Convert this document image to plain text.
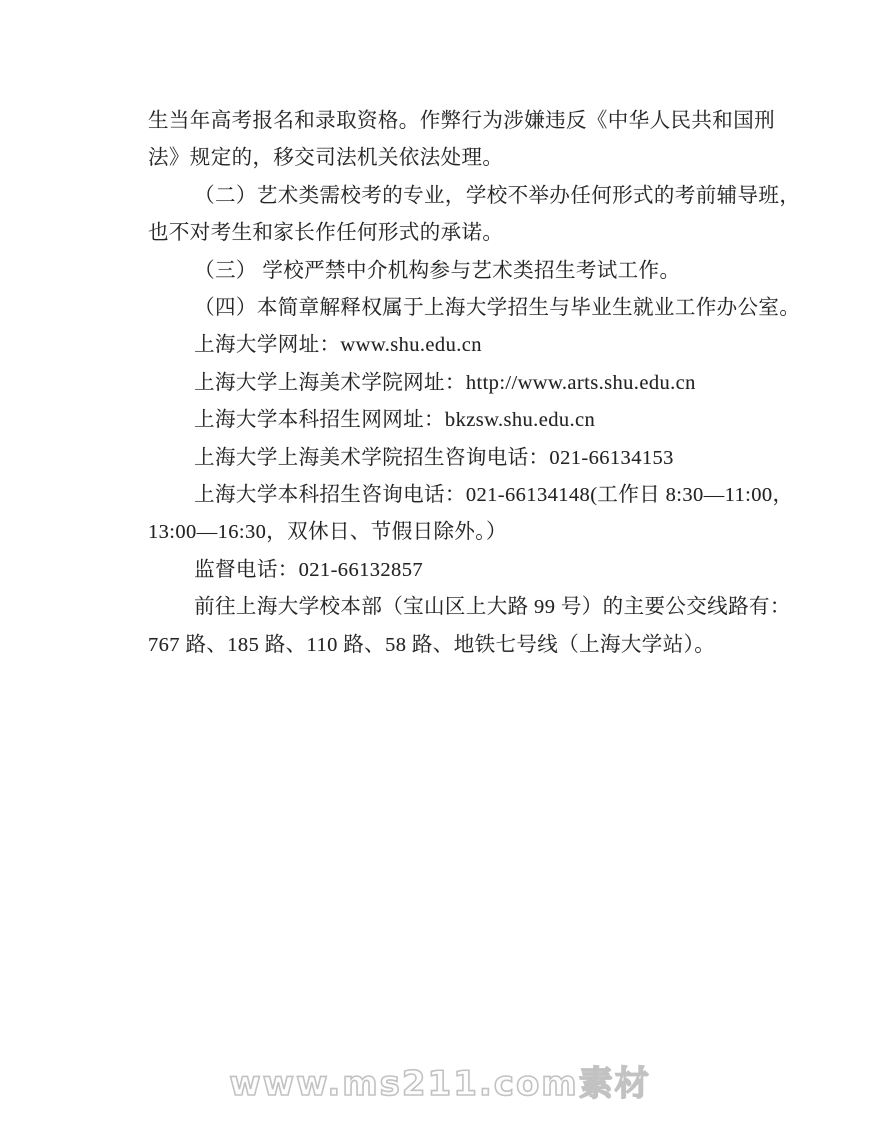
生当年高考报名和录取资格。作弊行为涉嫌违反《中华人民共和国刑
法》规定的，移交司法机关依法处理。
（二）艺术类需校考的专业，学校不举办任何形式的考前辅导班，
也不对考生和家长作任何形式的承诺。
（三） 学校严禁中介机构参与艺术类招生考试工作。
（四）本简章解释权属于上海大学招生与毕业生就业工作办公室。
上海大学网址：www.shu.edu.cn
上海大学上海美术学院网址：http://www.arts.shu.edu.cn
上海大学本科招生网网址：bkzsw.shu.edu.cn
上海大学上海美术学院招生咨询电话：021-66134153
上海大学本科招生咨询电话：021-66134148(工作日 8:30—11:00，
13:00—16:30，双休日、节假日除外。）
监督电话：021-66132857
前往上海大学校本部（宝山区上大路 99 号）的主要公交线路有：
767 路、185 路、110 路、58 路、地铁七号线（上海大学站）。
www.ms211.com素材
